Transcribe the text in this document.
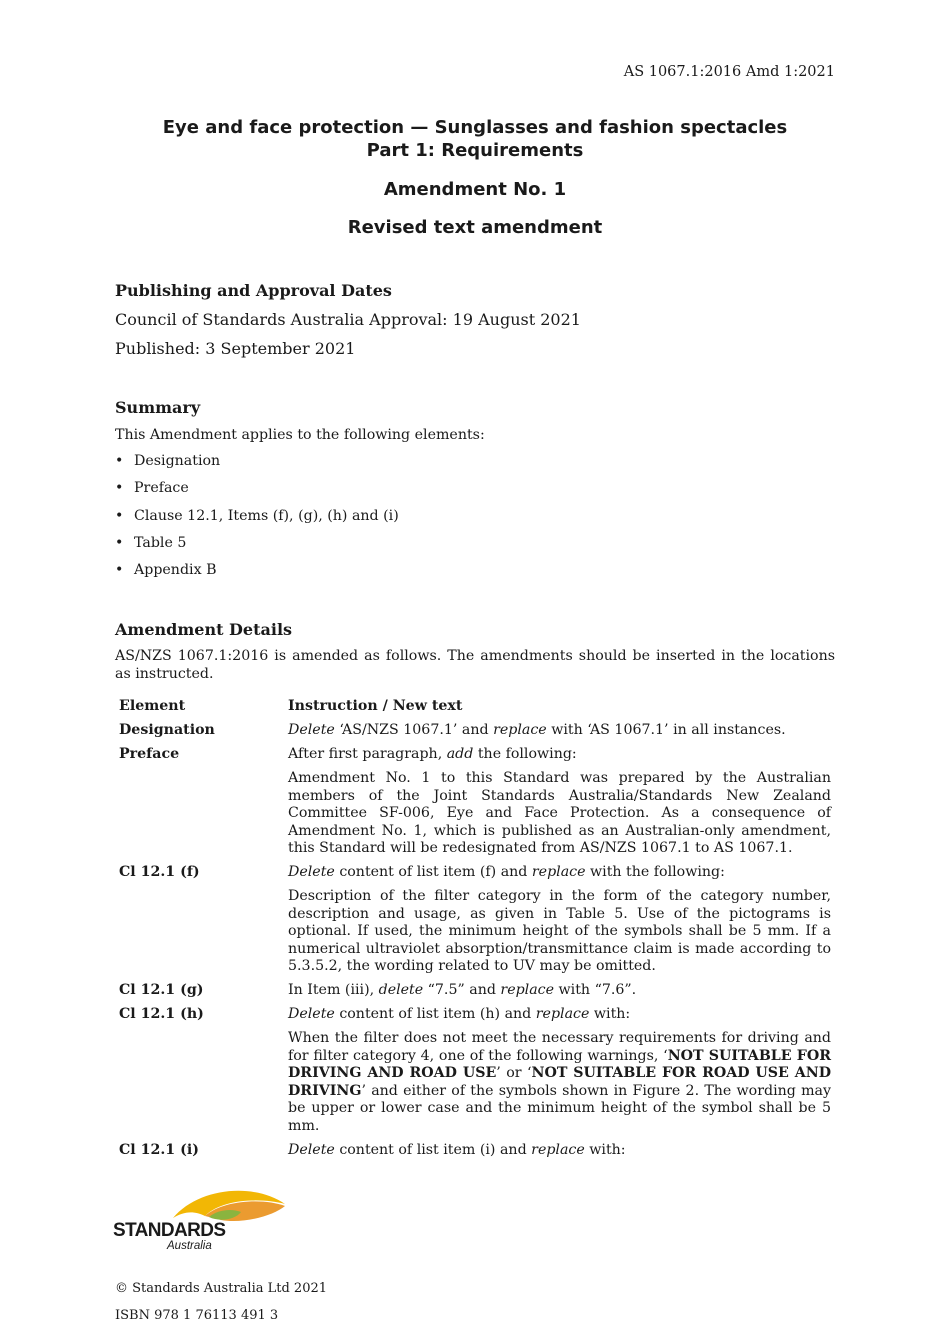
AS 1067.1:2016 Amd 1:2021
Eye and face protection — Sunglasses and fashion spectacles
Part 1: Requirements
Amendment No. 1
Revised text amendment

Publishing and Approval Dates

Council of Standards Australia Approval: 19 August 2021

Published: 3 September 2021

Summary

This Amendment applies to the following elements:

• Designation
• Preface
• Clause 12.1, Items (f), (g), (h) and (i)
• Table 5
• Appendix B

Amendment Details

AS/NZS 1067.1:2016 is amended as follows. The amendments should be inserted in the locations as instructed.

Element	Instruction / New text
Designation	Delete ‘AS/NZS 1067.1’ and replace with ‘AS 1067.1’ in all instances.
Preface	After first paragraph, add the following:
	Amendment No. 1 to this Standard was prepared by the Australian members of the Joint Standards Australia/Standards New Zealand Committee SF-006, Eye and Face Protection. As a consequence of Amendment No. 1, which is published as an Australian-only amendment, this Standard will be redesignated from AS/NZS 1067.1 to AS 1067.1.
Cl 12.1 (f)	Delete content of list item (f) and replace with the following:
	Description of the filter category in the form of the category number, description and usage, as given in Table 5. Use of the pictograms is optional. If used, the minimum height of the symbols shall be 5 mm. If a numerical ultraviolet absorption/transmittance claim is made according to 5.3.5.2, the wording related to UV may be omitted.
Cl 12.1 (g)	In Item (iii), delete “7.5” and replace with “7.6”.
Cl 12.1 (h)	Delete content of list item (h) and replace with:
	When the filter does not meet the necessary requirements for driving and for filter category 4, one of the following warnings, ‘NOT SUITABLE FOR DRIVING AND ROAD USE’ or ‘NOT SUITABLE FOR ROAD USE AND DRIVING’ and either of the symbols shown in Figure 2. The wording may be upper or lower case and the minimum height of the symbol shall be 5 mm.
Cl 12.1 (i)	Delete content of list item (i) and replace with:
STANDARDS
Australia
© Standards Australia Ltd 2021
ISBN 978 1 76113 491 3
